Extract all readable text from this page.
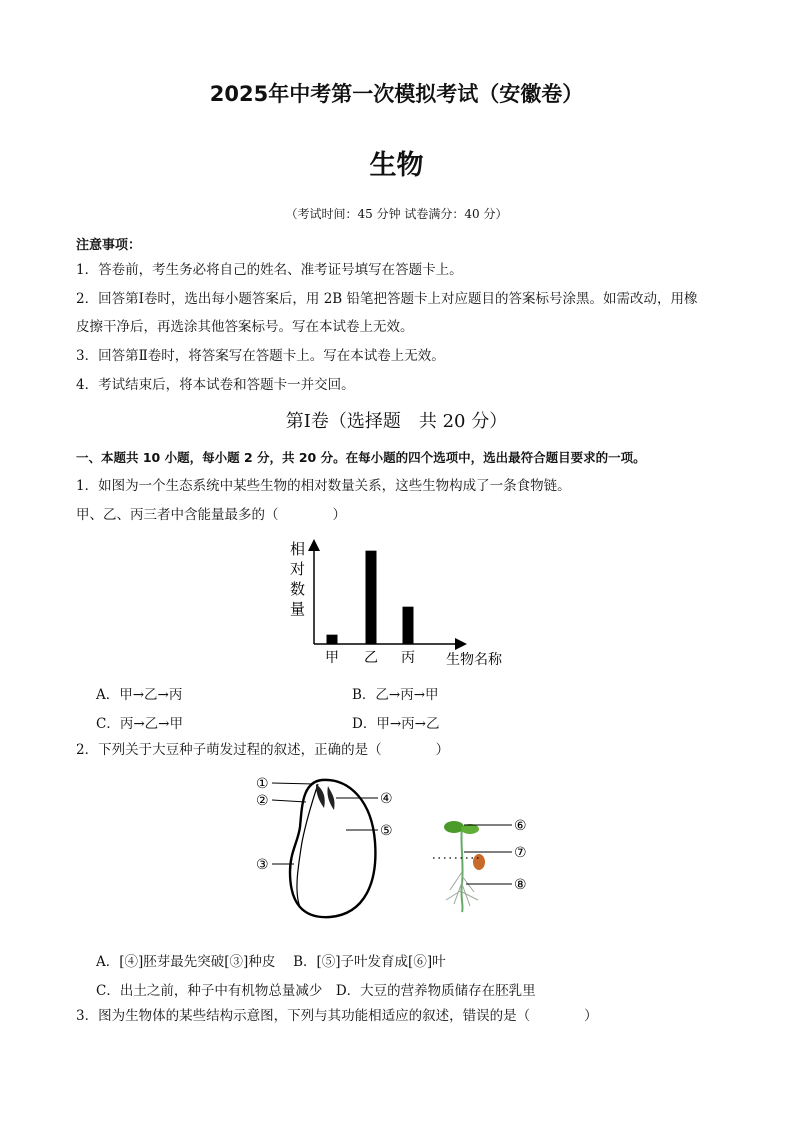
2025年中考第一次模拟考试（安徽卷）
生物
（考试时间：45 分钟 试卷满分：40 分）
注意事项：
1．答卷前，考生务必将自己的姓名、准考证号填写在答题卡上。
2．回答第Ⅰ卷时，选出每小题答案后，用 2B 铅笔把答题卡上对应题目的答案标号涂黑。如需改动，用橡
皮擦干净后，再选涂其他答案标号。写在本试卷上无效。
3．回答第Ⅱ卷时，将答案写在答题卡上。写在本试卷上无效。
4．考试结束后，将本试卷和答题卡一并交回。
第Ⅰ卷（选择题　共 20 分）
一、本题共 10 小题，每小题 2 分，共 20 分。在每小题的四个选项中，选出最符合题目要求的一项。
1．如图为一个生态系统中某些生物的相对数量关系，这些生物构成了一条食物链。
甲、乙、丙三者中含能量最多的（　　　　）
相
对
数
量
甲 乙 丙 生物名称
A．甲→乙→丙	B．乙→丙→甲
C．丙→乙→甲	D．甲→丙→乙
2．下列关于大豆种子萌发过程的叙述，正确的是（　　　　）
①
②
③
④
⑤	⑥
⑦
⑧
A．[④]胚芽最先突破[③]种皮　 B．[⑤]子叶发育成[⑥]叶
C．出土之前，种子中有机物总量减少　D．大豆的营养物质储存在胚乳里
3．图为生物体的某些结构示意图，下列与其功能相适应的叙述，错误的是（　　　　）
